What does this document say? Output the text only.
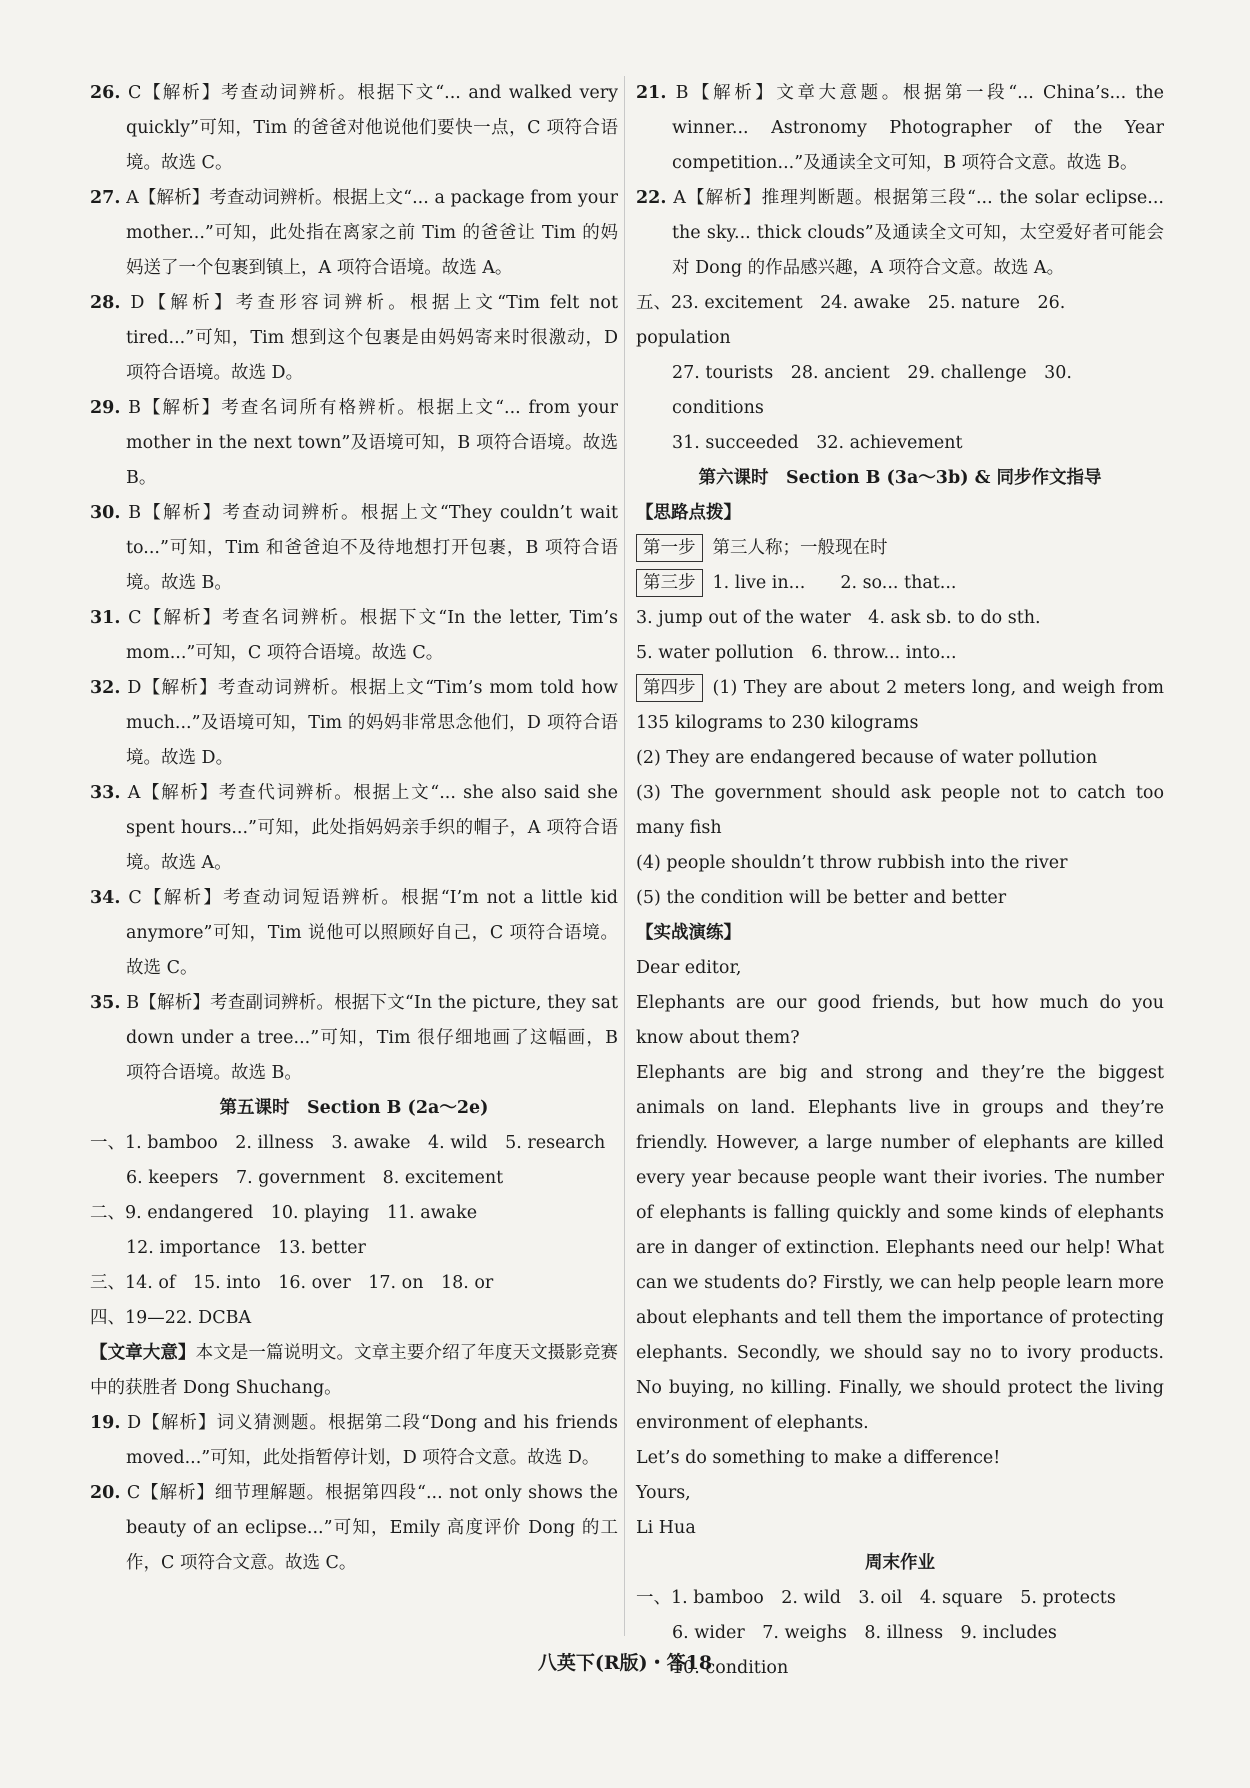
26. C【解析】考查动词辨析。根据下文“... and walked very quickly”可知，Tim 的爸爸对他说他们要快一点，C 项符合语境。故选 C。

27. A【解析】考查动词辨析。根据上文“... a package from your mother...”可知，此处指在离家之前 Tim 的爸爸让 Tim 的妈妈送了一个包裹到镇上，A 项符合语境。故选 A。

28. D【解析】考查形容词辨析。根据上文“Tim felt not tired...”可知，Tim 想到这个包裹是由妈妈寄来时很激动，D 项符合语境。故选 D。

29. B【解析】考查名词所有格辨析。根据上文“... from your mother in the next town”及语境可知，B 项符合语境。故选 B。

30. B【解析】考查动词辨析。根据上文“They couldn’t wait to...”可知，Tim 和爸爸迫不及待地想打开包裹，B 项符合语境。故选 B。

31. C【解析】考查名词辨析。根据下文“In the letter, Tim’s mom...”可知，C 项符合语境。故选 C。

32. D【解析】考查动词辨析。根据上文“Tim’s mom told how much...”及语境可知，Tim 的妈妈非常思念他们，D 项符合语境。故选 D。

33. A【解析】考查代词辨析。根据上文“... she also said she spent hours...”可知，此处指妈妈亲手织的帽子，A 项符合语境。故选 A。

34. C【解析】考查动词短语辨析。根据“I’m not a little kid anymore”可知，Tim 说他可以照顾好自己，C 项符合语境。故选 C。

35. B【解析】考查副词辨析。根据下文“In the picture, they sat down under a tree...”可知，Tim 很仔细地画了这幅画，B 项符合语境。故选 B。

第五课时　Section B (2a～2e)

一、1. bamboo　2. illness　3. awake　4. wild　5. research

6. keepers　7. government　8. excitement

二、9. endangered　10. playing　11. awake

12. importance　13. better

三、14. of　15. into　16. over　17. on　18. or

四、19—22. DCBA

【文章大意】本文是一篇说明文。文章主要介绍了年度天文摄影竞赛中的获胜者 Dong Shuchang。

19. D【解析】词义猜测题。根据第二段“Dong and his friends moved...”可知，此处指暂停计划，D 项符合文意。故选 D。

20. C【解析】细节理解题。根据第四段“... not only shows the beauty of an eclipse...”可知，Emily 高度评价 Dong 的工作，C 项符合文意。故选 C。

21. B【解析】文章大意题。根据第一段“... China’s... the winner... Astronomy Photographer of the Year competition...”及通读全文可知，B 项符合文意。故选 B。

22. A【解析】推理判断题。根据第三段“... the solar eclipse... the sky... thick clouds”及通读全文可知，太空爱好者可能会对 Dong 的作品感兴趣，A 项符合文意。故选 A。

五、23. excitement　24. awake　25. nature　26. population

27. tourists　28. ancient　29. challenge　30. conditions

31. succeeded　32. achievement

第六课时　Section B (3a～3b) & 同步作文指导

【思路点拨】

第一步 第三人称；一般现在时

第三步 1. live in...　　2. so... that...

3. jump out of the water　4. ask sb. to do sth.

5. water pollution　6. throw... into...

第四步 (1) They are about 2 meters long, and weigh from 135 kilograms to 230 kilograms

(2) They are endangered because of water pollution

(3) The government should ask people not to catch too many fish

(4) people shouldn’t throw rubbish into the river

(5) the condition will be better and better

【实战演练】

Dear editor,

Elephants are our good friends, but how much do you know about them?

Elephants are big and strong and they’re the biggest animals on land. Elephants live in groups and they’re friendly. However, a large number of elephants are killed every year because people want their ivories. The number of elephants is falling quickly and some kinds of elephants are in danger of extinction. Elephants need our help! What can we students do? Firstly, we can help people learn more about elephants and tell them the importance of protecting elephants. Secondly, we should say no to ivory products. No buying, no killing. Finally, we should protect the living environment of elephants.

Let’s do something to make a difference!

Yours,

Li Hua

周末作业

一、1. bamboo　2. wild　3. oil　4. square　5. protects

6. wider　7. weighs　8. illness　9. includes

10. condition

八英下(R版)・答18
